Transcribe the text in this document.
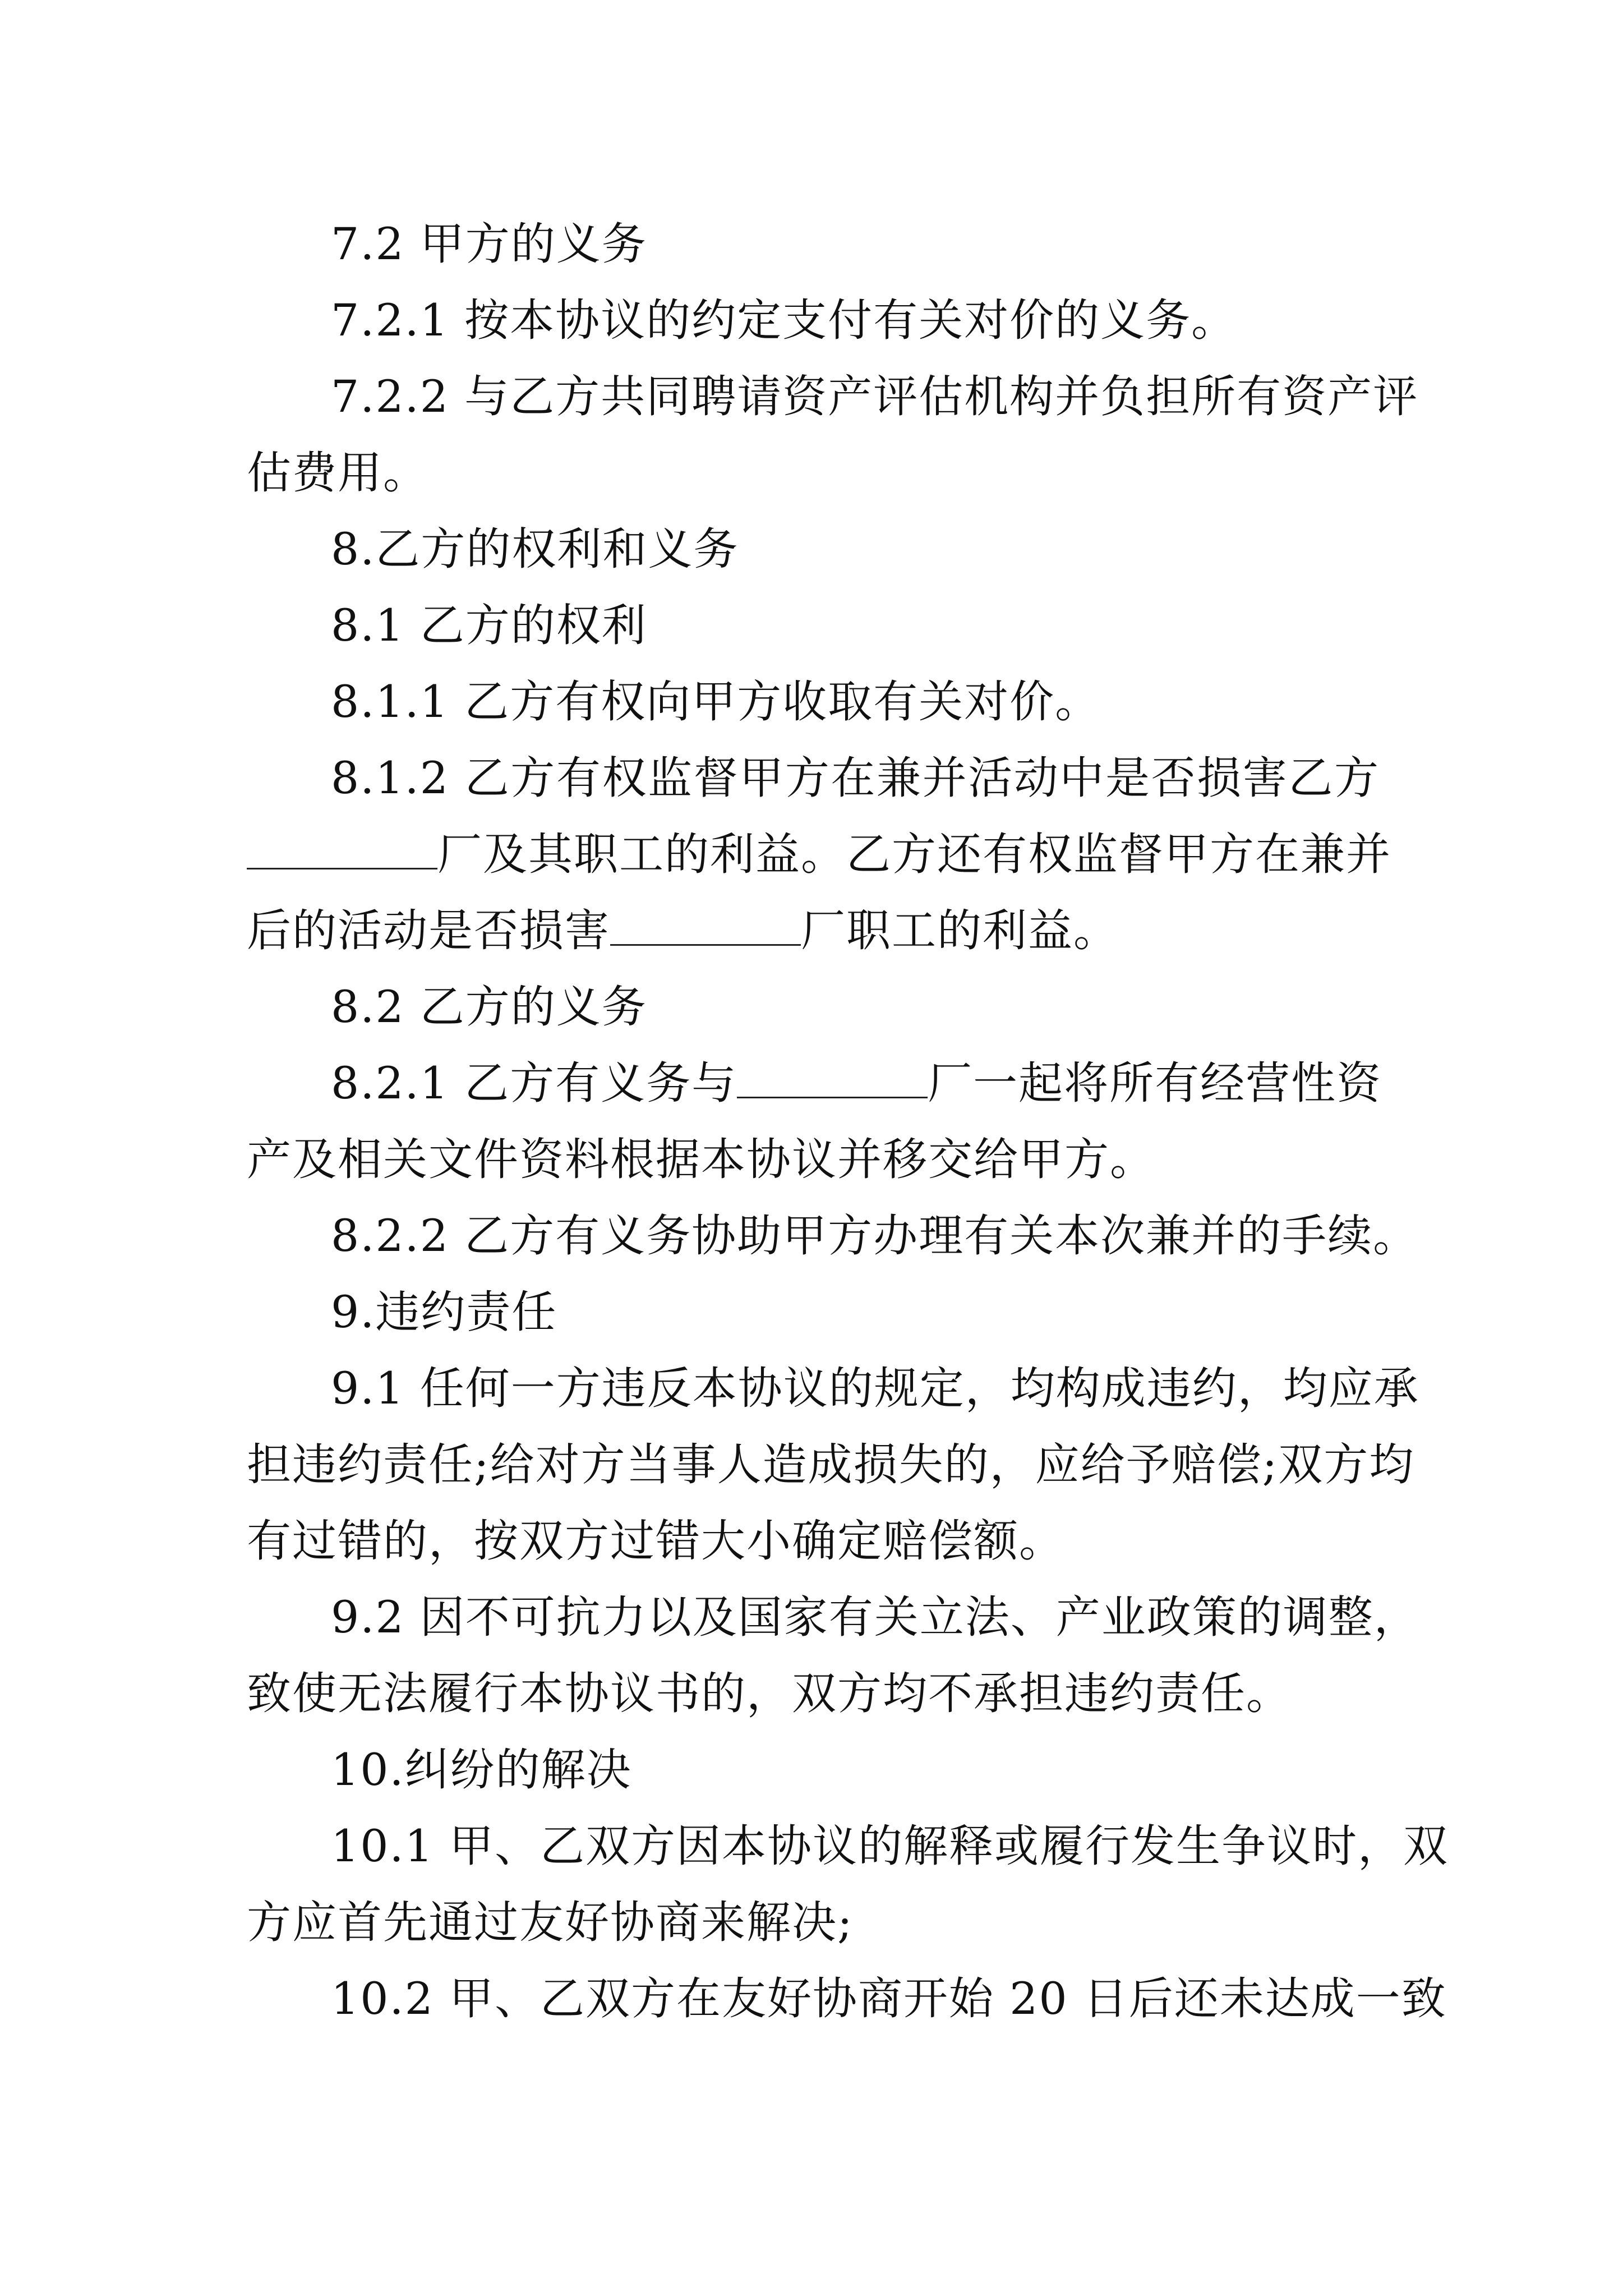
7.2 甲方的义务
7.2.1 按本协议的约定支付有关对价的义务。
7.2.2 与乙方共同聘请资产评估机构并负担所有资产评
估费用。
8.乙方的权利和义务
8.1 乙方的权利
8.1.1 乙方有权向甲方收取有关对价。
8.1.2 乙方有权监督甲方在兼并活动中是否损害乙方
厂及其职工的利益。乙方还有权监督甲方在兼并
后的活动是否损害	厂职工的利益。
8.2 乙方的义务
8.2.1 乙方有义务与	厂一起将所有经营性资
产及相关文件资料根据本协议并移交给甲方。
8.2.2 乙方有义务协助甲方办理有关本次兼并的手续。
9.违约责任
9.1 任何一方违反本协议的规定，均构成违约，均应承
担违约责任;给对方当事人造成损失的，应给予赔偿;双方均
有过错的，按双方过错大小确定赔偿额。
9.2 因不可抗力以及国家有关立法、产业政策的调整，
致使无法履行本协议书的，双方均不承担违约责任。
10.纠纷的解决
10.1 甲、乙双方因本协议的解释或履行发生争议时，双
方应首先通过友好协商来解决;
10.2 甲、乙双方在友好协商开始 20 日后还未达成一致
